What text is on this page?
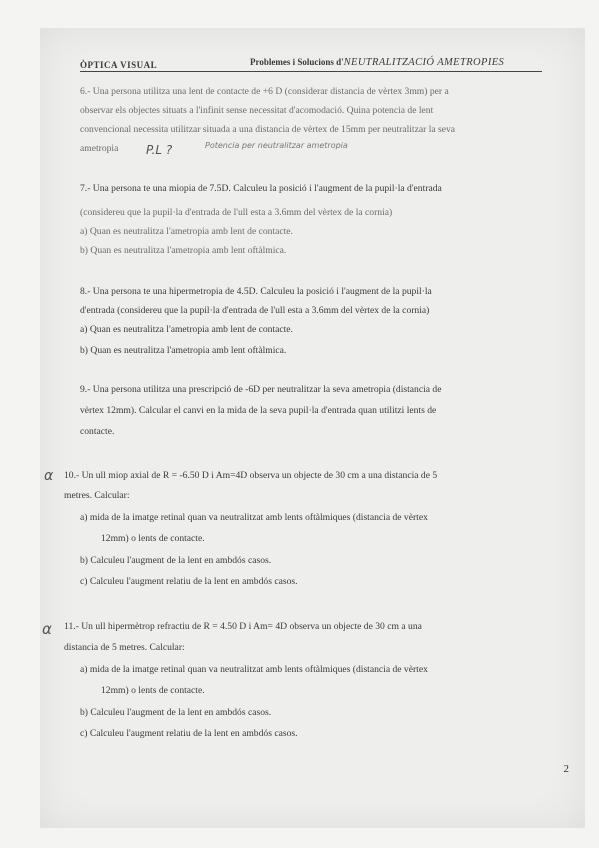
ÒPTICA VISUAL	Problemes i Solucions d'NEUTRALITZACIÓ AMETROPIES
6.- Una persona utilitza una lent de contacte de +6 D (considerar distancia de vèrtex 3mm) per a
observar els objectes situats a l'infinit sense necessitat d'acomodació. Quina potencia de lent
convencional necessita utilitzar situada a una distancia de vèrtex de 15mm per neutralitzar la seva
ametropia P.L ?	Potencia per neutralitzar ametropia
7.- Una persona te una miopia de 7.5D. Calculeu la posició i l'augment de la pupil·la d'entrada
(considereu que la pupil·la d'entrada de l'ull esta a 3.6mm del vèrtex de la cornia)
a) Quan es neutralitza l'ametropia amb lent de contacte.
b) Quan es neutralitza l'ametropia amb lent oftàlmica.
8.- Una persona te una hipermetropia de 4.5D. Calculeu la posició i l'augment de la pupil·la
d'entrada (considereu que la pupil·la d'entrada de l'ull esta a 3.6mm del vèrtex de la cornia)
a) Quan es neutralitza l'ametropia amb lent de contacte.
b) Quan es neutralitza l'ametropia amb lent oftàlmica.
9.- Una persona utilitza una prescripció de -6D per neutralitzar la seva ametropia (distancia de
vèrtex 12mm). Calcular el canvi en la mida de la seva pupil·la d'entrada quan utilitzi lents de
contacte.
α 10.- Un ull miop axial de R = -6.50 D i Am=4D observa un objecte de 30 cm a una distancia de 5
metres. Calcular:
a) mida de la imatge retinal quan va neutralitzat amb lents oftàlmiques (distancia de vèrtex
12mm) o lents de contacte.
b) Calculeu l'augment de la lent en ambdós casos.
c) Calculeu l'augment relatiu de la lent en ambdós casos.
α 11.- Un ull hipermètrop refractiu de R = 4.50 D i Am= 4D observa un objecte de 30 cm a una
distancia de 5 metres. Calcular:
a) mida de la imatge retinal quan va neutralitzat amb lents oftàlmiques (distancia de vèrtex
12mm) o lents de contacte.
b) Calculeu l'augment de la lent en ambdós casos.
c) Calculeu l'augment relatiu de la lent en ambdós casos.
2
